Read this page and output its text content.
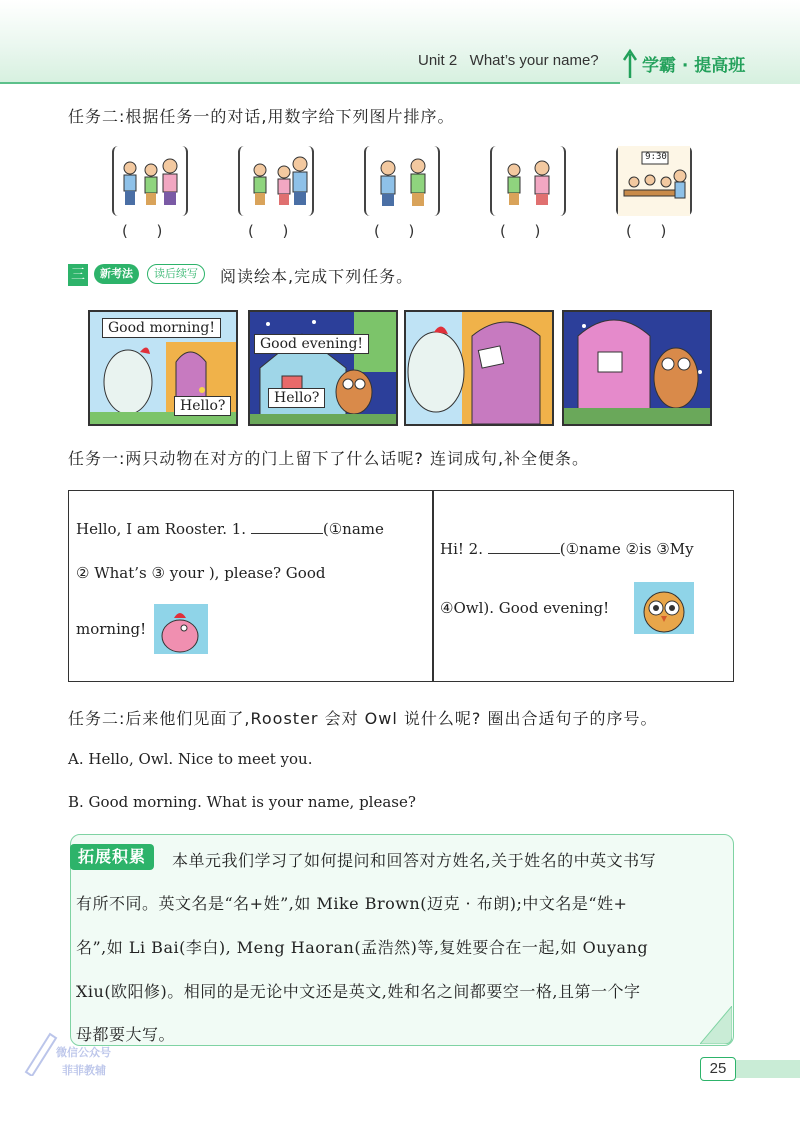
Unit 2   What’s your name?	学霸 · 提高班
任务二:根据任务一的对话,用数字给下列图片排序。
(      )	(      )	(      )	(      )
9:30
(      )
三	新考法	读后续写	阅读绘本,完成下列任务。
Good morning!
Hello?
Good evening!
Hello?
任务一:两只动物在对方的门上留下了什么话呢? 连词成句,补全便条。
Hello, I am Rooster. 1.	(①name
② What’s ③ your ), please? Good
morning!
Hi! 2.	(①name ②is ③My
④Owl). Good evening!
任务二:后来他们见面了,Rooster 会对 Owl 说什么呢? 圈出合适句子的序号。
A. Hello, Owl. Nice to meet you.
B. Good morning. What is your name, please?
拓展积累	本单元我们学习了如何提问和回答对方姓名,关于姓名的中英文书写
有所不同。英文名是“名+姓”,如 Mike Brown(迈克 · 布朗);中文名是“姓+
名”,如 Li Bai(李白), Meng Haoran(孟浩然)等,复姓要合在一起,如 Ouyang
Xiu(欧阳修)。相同的是无论中文还是英文,姓和名之间都要空一格,且第一个字
母都要大写。
微信公众号
菲菲教辅	25
